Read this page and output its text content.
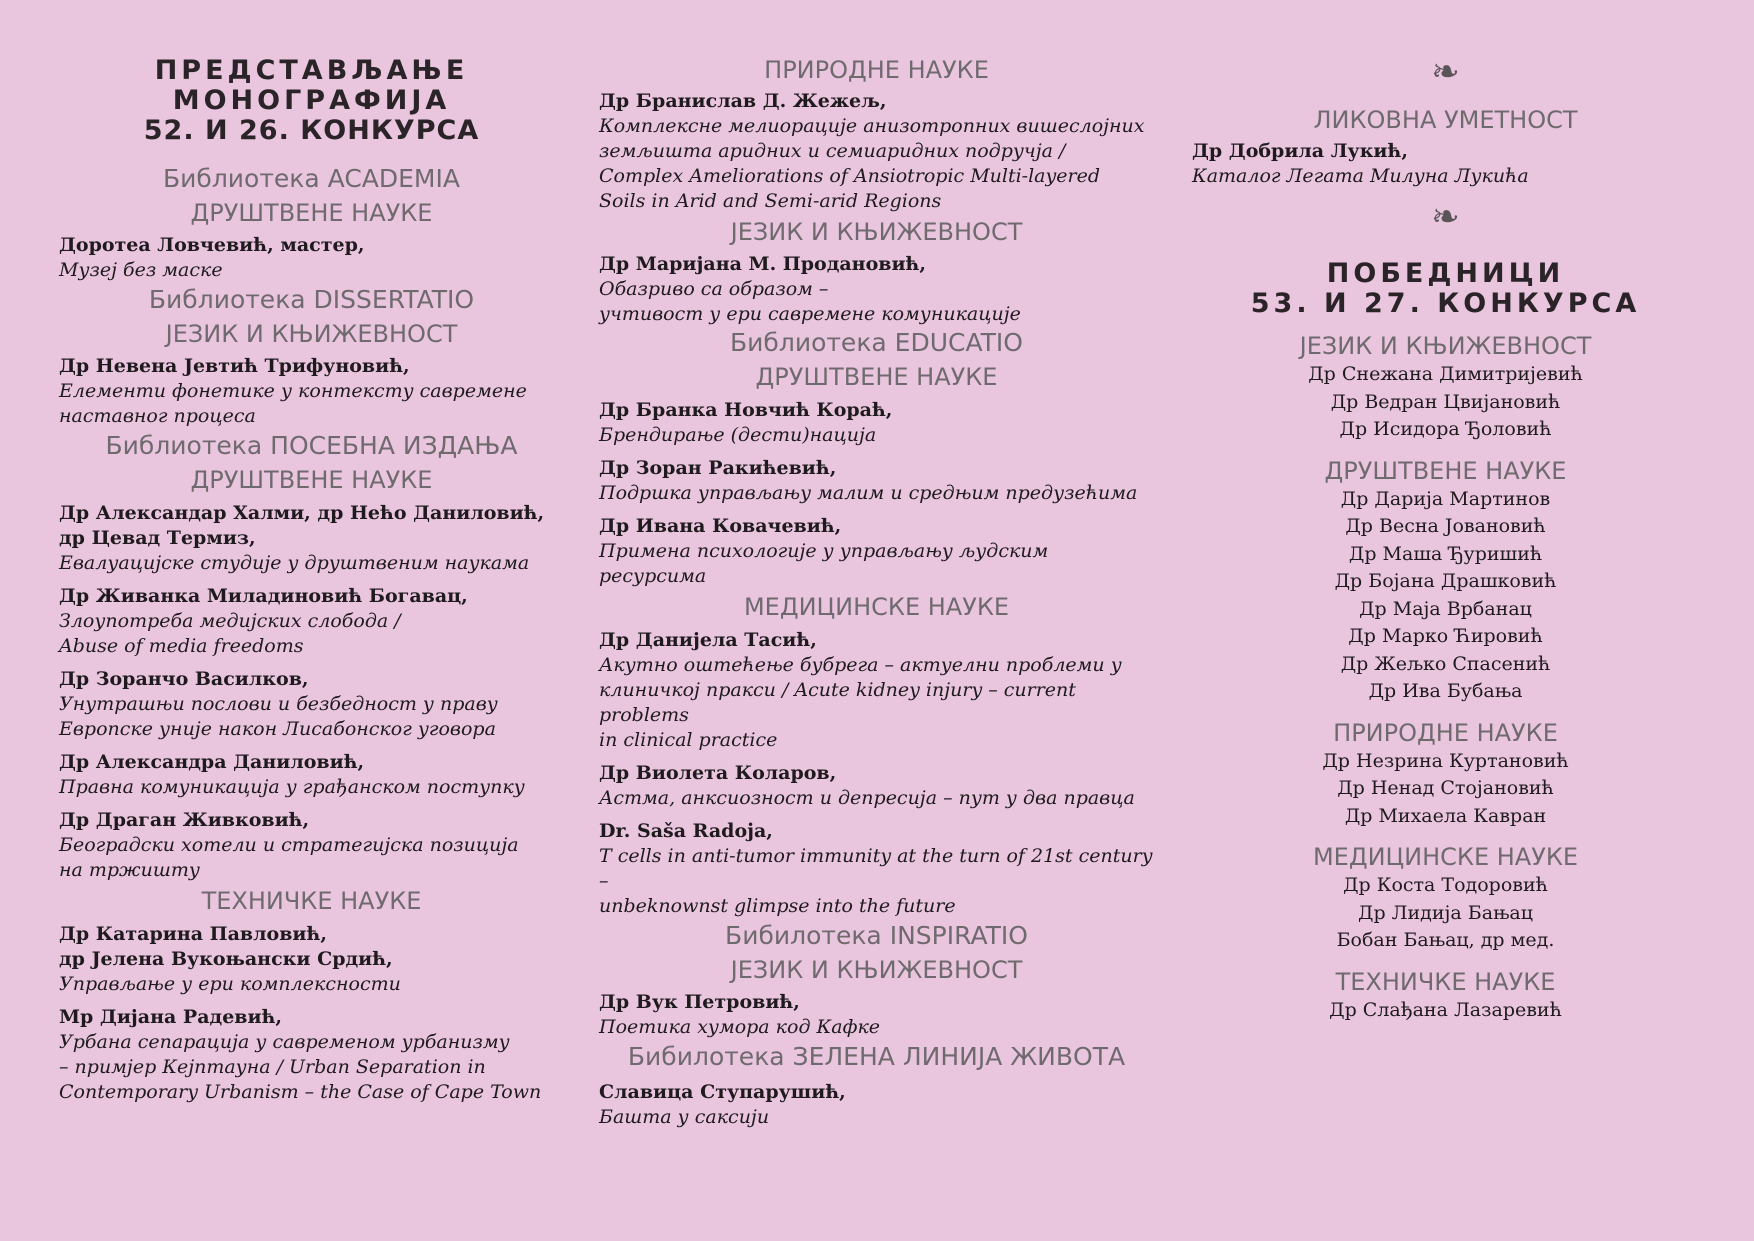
ПРЕДСТАВЉАЊЕ
МОНОГРАФИЈА
52. И 26. КОНКУРСА
Библиотека ACADEMIA
ДРУШТВЕНЕ НАУКЕ
Доротеа Ловчевић, мастер,
Музеј без маске
Библиотека DISSERTATIO
ЈЕЗИК И КЊИЖЕВНОСТ
Др Невена Јевтић Трифуновић,
Елементи фонетике у контексту савремене
наставног процеса
Библиотека ПОСЕБНА ИЗДАЊА
ДРУШТВЕНЕ НАУКЕ
Др Александар Халми, др Нећо Даниловић,
др Цевад Термиз,
Евалуацијске студије у друштвеним наукама
Др Живанка Миладиновић Богавац,
Злоупотреба медијских слобода /
Abuse of media freedoms
Др Зоранчо Василков,
Унутрашњи послови и безбедност у праву
Европске уније након Лисабонског уговора
Др Александра Даниловић,
Правна комуникација у грађанском поступку
Др Драган Живковић,
Београдски хотели и стратегијска позиција
на тржишту
ТЕХНИЧКЕ НАУКЕ
Др Катарина Павловић,
др Јелена Вукоњански Срдић,
Управљање у ери комплексности
Мр Дијана Радевић,
Урбана сепарација у савременом урбанизму
– примјер Кејптауна / Urban Separation in
Contemporary Urbanism – the Case of Cape Town
ПРИРОДНЕ НАУКЕ
Др Бранислав Д. Жежељ,
Комплексне мелиорације анизотропних вишеслојних
земљишта аридних и семиаридних подручја /
Complex Ameliorations of Ansiotropic Multi-layered
Soils in Arid and Semi-arid Regions
ЈЕЗИК И КЊИЖЕВНОСТ
Др Маријана М. Продановић,
Обазриво са образом –
учтивост у ери савремене комуникације
Библиотека EDUCATIO
ДРУШТВЕНЕ НАУКЕ
Др Бранка Новчић Кораћ,
Брендирање (дести)нација
Др Зоран Ракићевић,
Подршка управљању малим и средњим предузећима
Др Ивана Ковачевић,
Примена психологије у управљању људским ресурсима
МЕДИЦИНСКЕ НАУКЕ
Др Данијела Тасић,
Акутно оштећење бубрега – актуелни проблеми у
клиничкој пракси / Acute kidney injury – current problems
in clinical practice
Др Виолета Коларов,
Астма, анксиозност и депресија – пут у два правца
Dr. Saša Radoja,
T cells in anti-tumor immunity at the turn of 21st century –
unbeknownst glimpse into the future
Бибилотека INSPIRATIO
ЈЕЗИК И КЊИЖЕВНОСТ
Др Вук Петровић,
Поетика хумора код Кафке
Бибилотека ЗЕЛЕНА ЛИНИЈА ЖИВОТА
Славица Ступарушић,
Башта у саксији
❧
ЛИКОВНА УМЕТНОСТ
Др Добрила Лукић,
Каталог Легата Милуна Лукића
❧
ПОБЕДНИЦИ
53. И 27. КОНКУРСА
ЈЕЗИК И КЊИЖЕВНОСТ
Др Снежана Димитријевић
Др Ведран Цвијановић
Др Исидора Ђоловић
ДРУШТВЕНЕ НАУКЕ
Др Дарија Мартинов
Др Весна Јовановић
Др Маша Ђуришић
Др Бојана Драшковић
Др Маја Врбанац
Др Марко Ћировић
Др Жељко Спасенић
Др Ива Бубања
ПРИРОДНЕ НАУКЕ
Др Незрина Куртановић
Др Ненад Стојановић
Др Михаела Кавран
МЕДИЦИНСКЕ НАУКЕ
Др Коста Тодоровић
Др Лидија Бањац
Бобан Бањац, др мед.
ТЕХНИЧКЕ НАУКЕ
Др Слађана Лазаревић
